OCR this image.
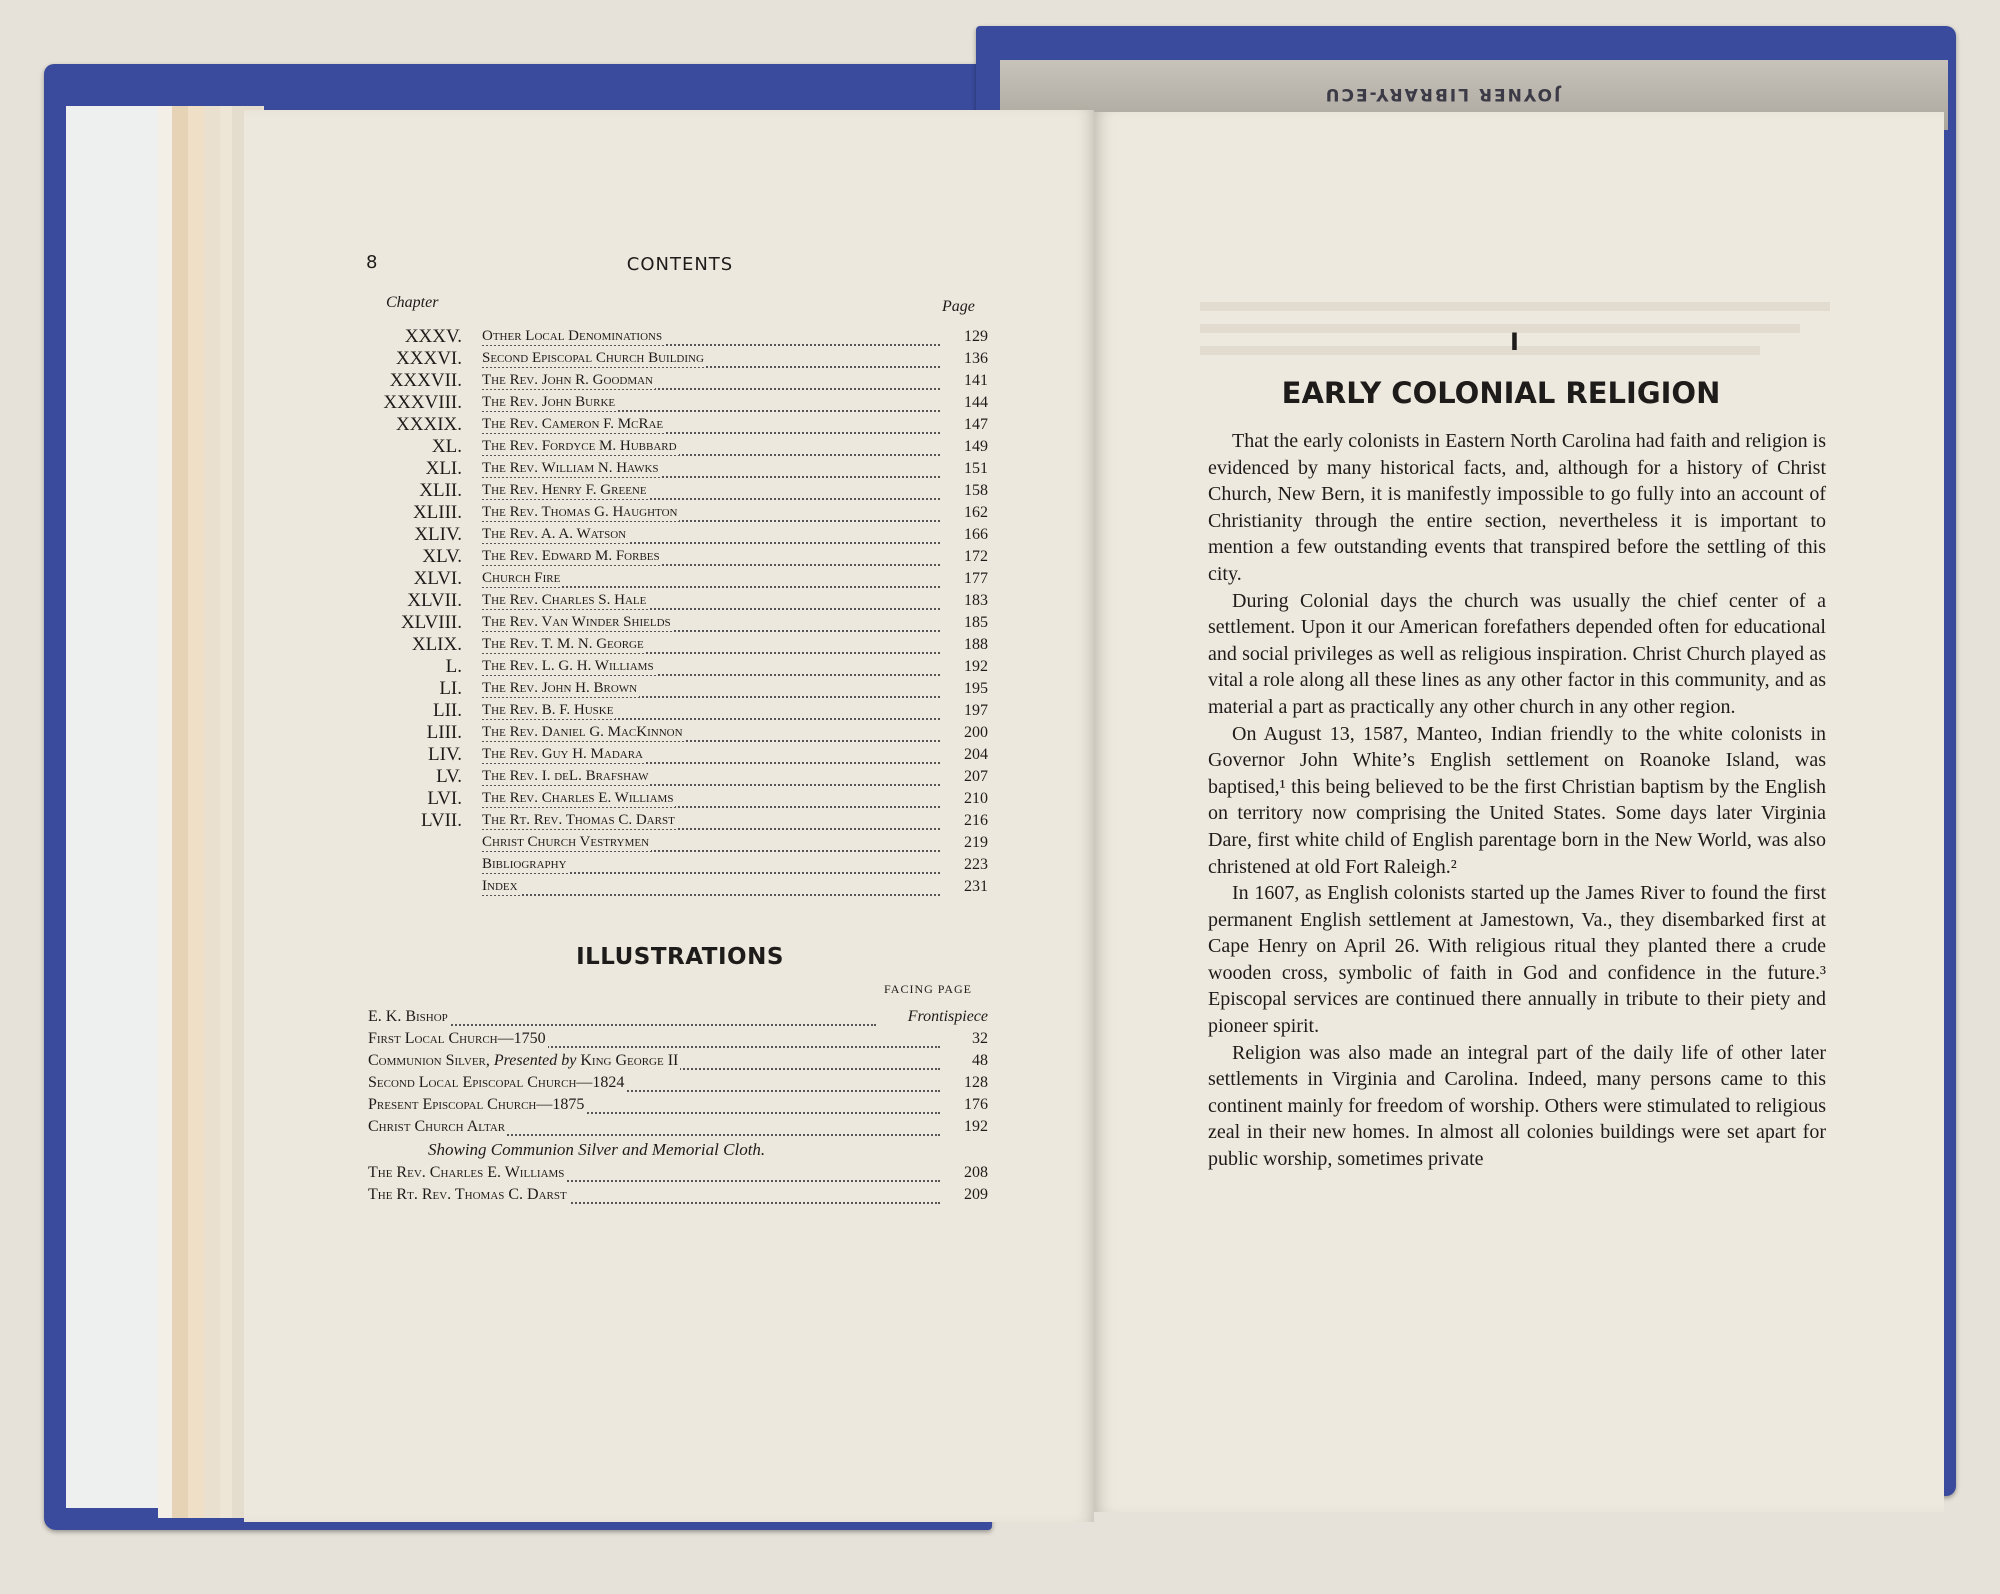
JOYNER LIBRARY-ECU
8	CONTENTS
Chapter	Page
XXXV. Other Local Denominations	129
XXXVI. Second Episcopal Church Building	136
XXXVII. The Rev. John R. Goodman	141
XXXVIII. The Rev. John Burke	144
XXXIX. The Rev. Cameron F. McRae	147
XL. The Rev. Fordyce M. Hubbard	149
XLI. The Rev. William N. Hawks	151
XLII. The Rev. Henry F. Greene	158
XLIII. The Rev. Thomas G. Haughton	162
XLIV. The Rev. A. A. Watson	166
XLV. The Rev. Edward M. Forbes	172
XLVI. Church Fire	177
XLVII. The Rev. Charles S. Hale	183
XLVIII. The Rev. Van Winder Shields	185
XLIX. The Rev. T. M. N. George	188
L. The Rev. L. G. H. Williams	192
LI. The Rev. John H. Brown	195
LII. The Rev. B. F. Huske	197
LIII. The Rev. Daniel G. MacKinnon	200
LIV. The Rev. Guy H. Madara	204
LV. The Rev. I. deL. Brafshaw	207
LVI. The Rev. Charles E. Williams	210
LVII. The Rt. Rev. Thomas C. Darst	216
Christ Church Vestrymen	219
Bibliography	223
Index	231
ILLUSTRATIONS
FACING PAGE
E. K. Bishop	Frontispiece
First Local Church—1750	32
Communion Silver, Presented by King George II	48
Second Local Episcopal Church—1824	128
Present Episcopal Church—1875	176
Christ Church Altar	192
Showing Communion Silver and Memorial Cloth.
The Rev. Charles E. Williams	208
The Rt. Rev. Thomas C. Darst	209
I
EARLY COLONIAL RELIGION

That the early colonists in Eastern North Carolina had faith and religion is evidenced by many historical facts, and, although for a history of Christ Church, New Bern, it is manifestly impossible to go fully into an account of Christianity through the entire section, nevertheless it is important to mention a few outstanding events that transpired before the settling of this city.

During Colonial days the church was usually the chief center of a settlement. Upon it our American forefathers depended often for educational and social privileges as well as religious inspiration. Christ Church played as vital a role along all these lines as any other factor in this community, and as material a part as practically any other church in any other region.

On August 13, 1587, Manteo, Indian friendly to the white colonists in Governor John White’s English settlement on Roanoke Island, was baptised,¹ this being believed to be the first Christian baptism by the English on territory now comprising the United States. Some days later Virginia Dare, first white child of English parentage born in the New World, was also christened at old Fort Raleigh.²

In 1607, as English colonists started up the James River to found the first permanent English settlement at Jamestown, Va., they disembarked first at Cape Henry on April 26. With religious ritual they planted there a crude wooden cross, symbolic of faith in God and confidence in the future.³ Episcopal services are continued there annually in tribute to their piety and pioneer spirit.

Religion was also made an integral part of the daily life of other later settlements in Virginia and Carolina. Indeed, many persons came to this continent mainly for freedom of worship. Others were stimulated to religious zeal in their new homes. In almost all colonies buildings were set apart for public worship, sometimes private
